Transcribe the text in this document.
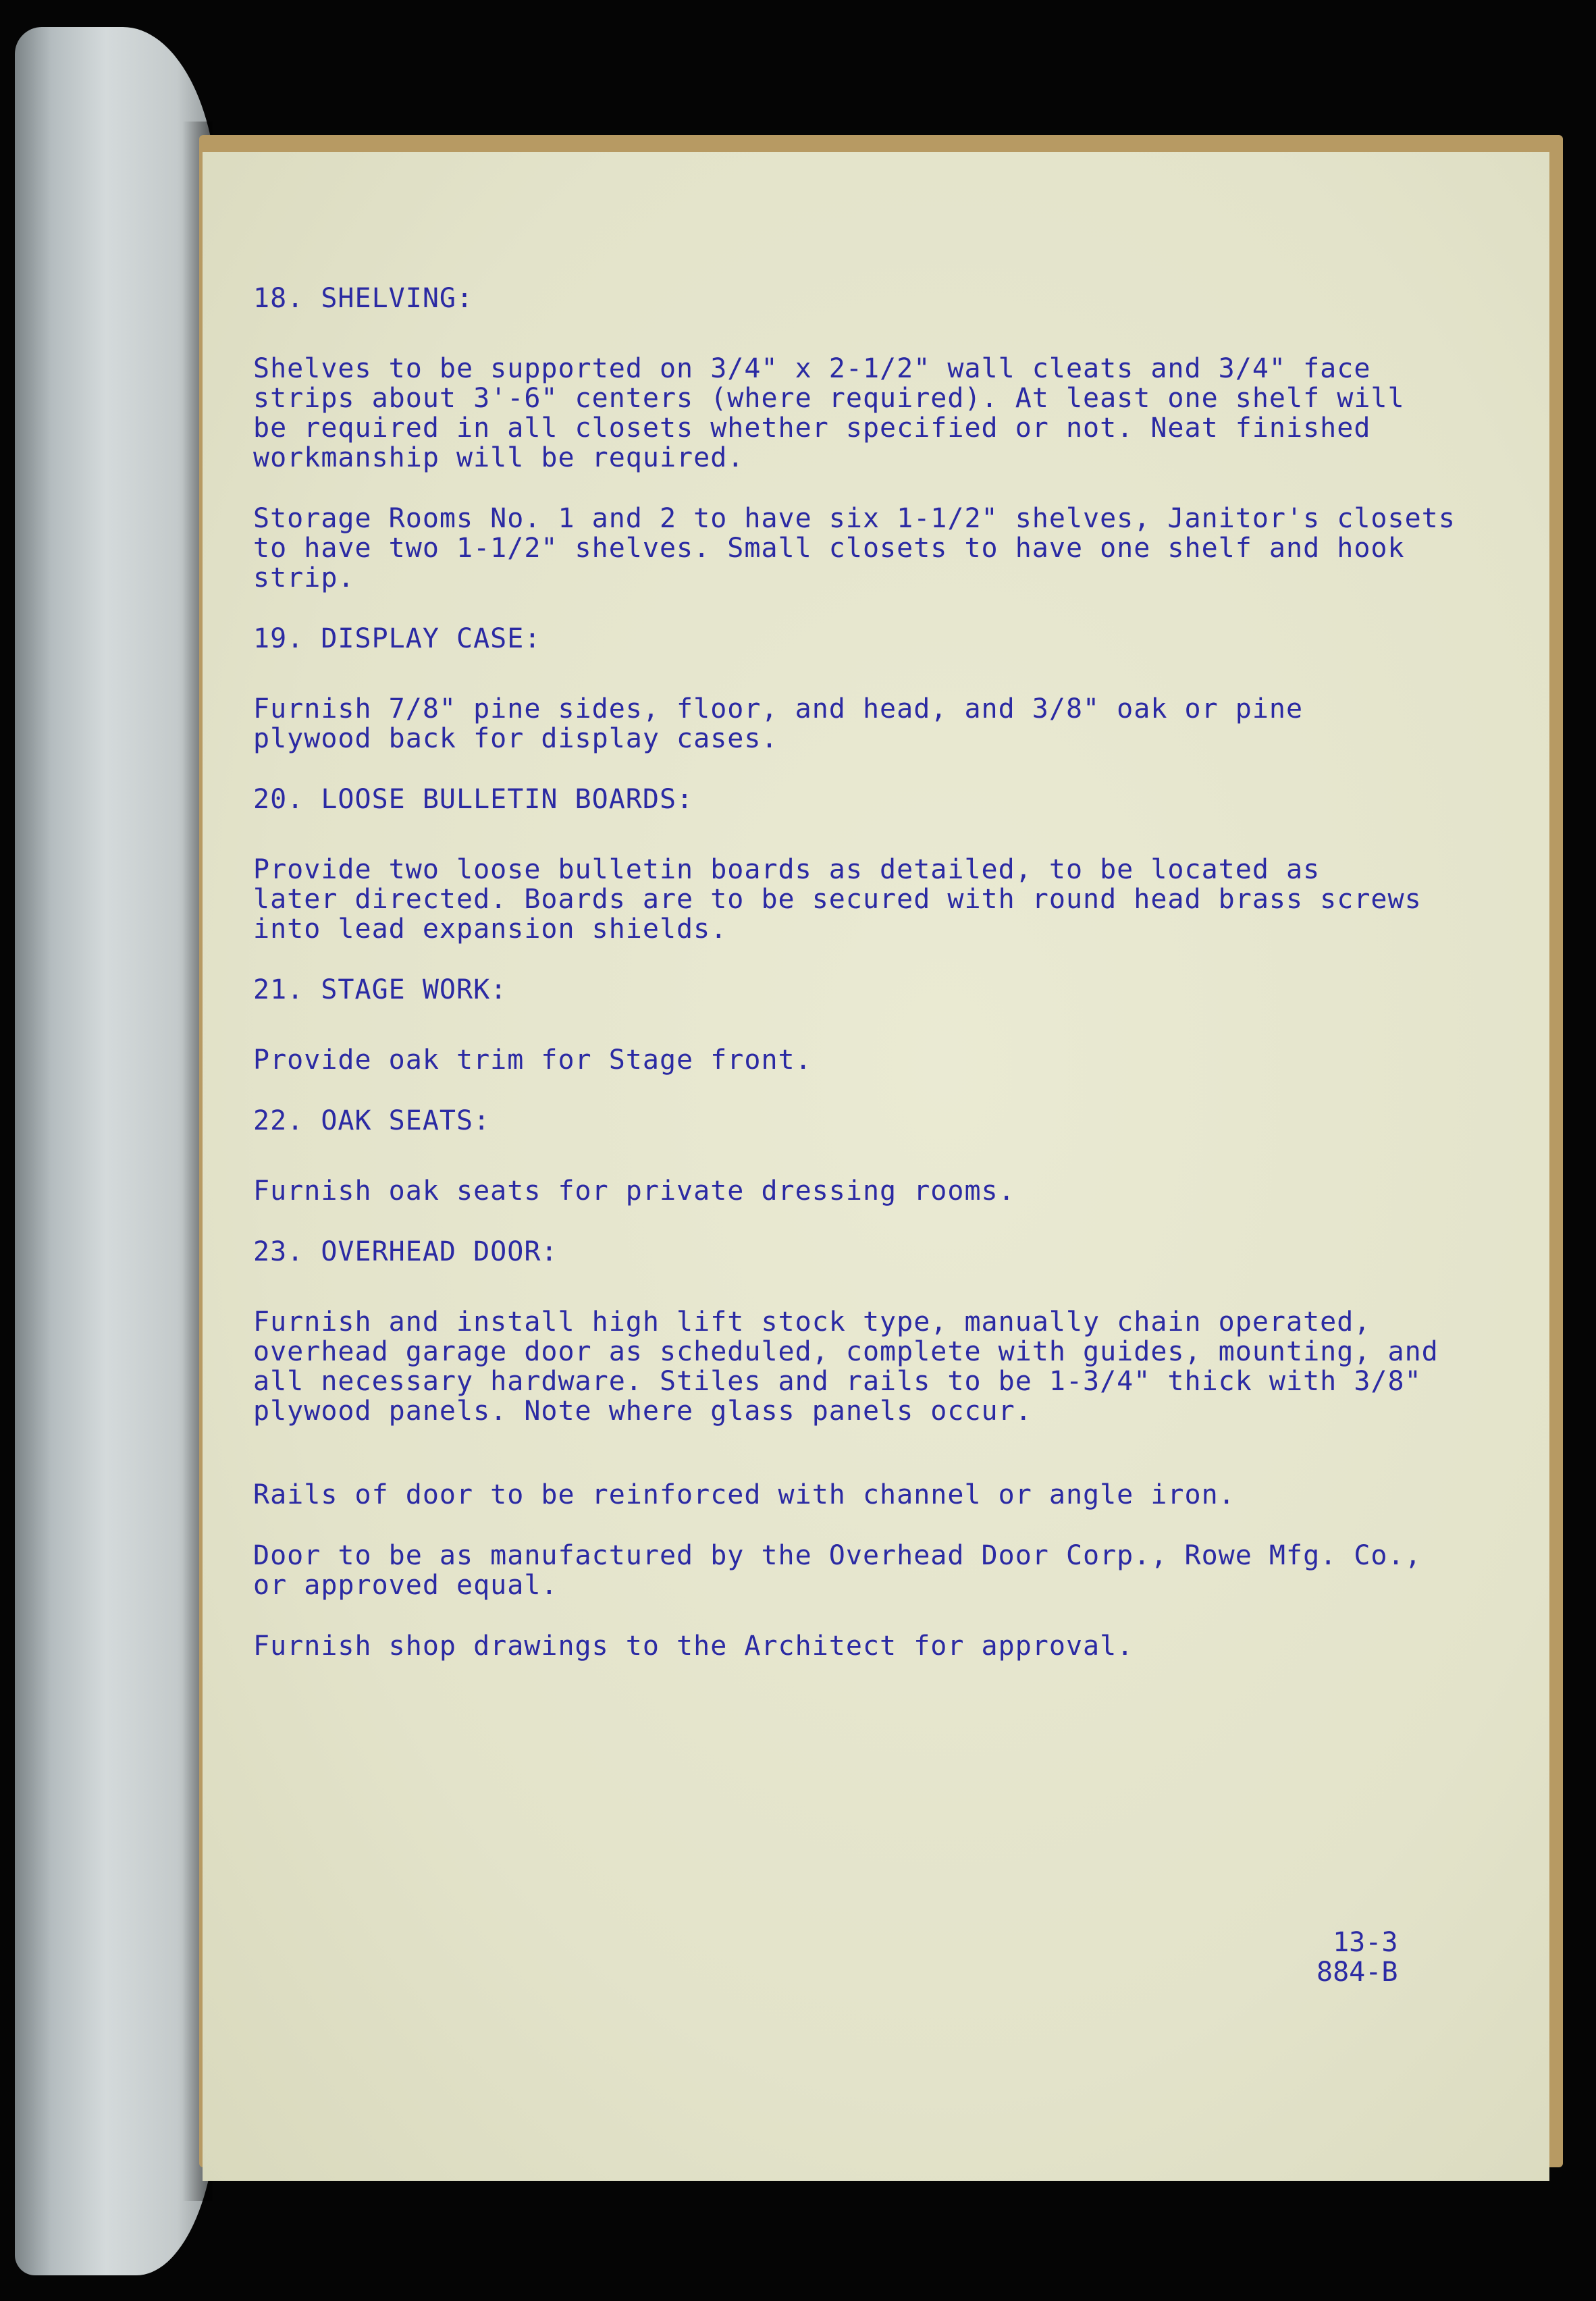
18. SHELVING:
Shelves to be supported on 3/4" x 2-1/2" wall cleats and 3/4" face
strips about 3'-6" centers (where required). At least one shelf will
be required in all closets whether specified or not. Neat finished
workmanship will be required.
Storage Rooms No. 1 and 2 to have six 1-1/2" shelves, Janitor's closets
to have two 1-1/2" shelves. Small closets to have one shelf and hook
strip.
19. DISPLAY CASE:
Furnish 7/8" pine sides, floor, and head, and 3/8" oak or pine
plywood back for display cases.
20. LOOSE BULLETIN BOARDS:
Provide two loose bulletin boards as detailed, to be located as
later directed. Boards are to be secured with round head brass screws
into lead expansion shields.
21. STAGE WORK:
Provide oak trim for Stage front.
22. OAK SEATS:
Furnish oak seats for private dressing rooms.
23. OVERHEAD DOOR:
Furnish and install high lift stock type, manually chain operated,
overhead garage door as scheduled, complete with guides, mounting, and
all necessary hardware. Stiles and rails to be 1-3/4" thick with 3/8"
plywood panels. Note where glass panels occur.
Rails of door to be reinforced with channel or angle iron.
Door to be as manufactured by the Overhead Door Corp., Rowe Mfg. Co.,
or approved equal.
Furnish shop drawings to the Architect for approval.
13-3
884-B
